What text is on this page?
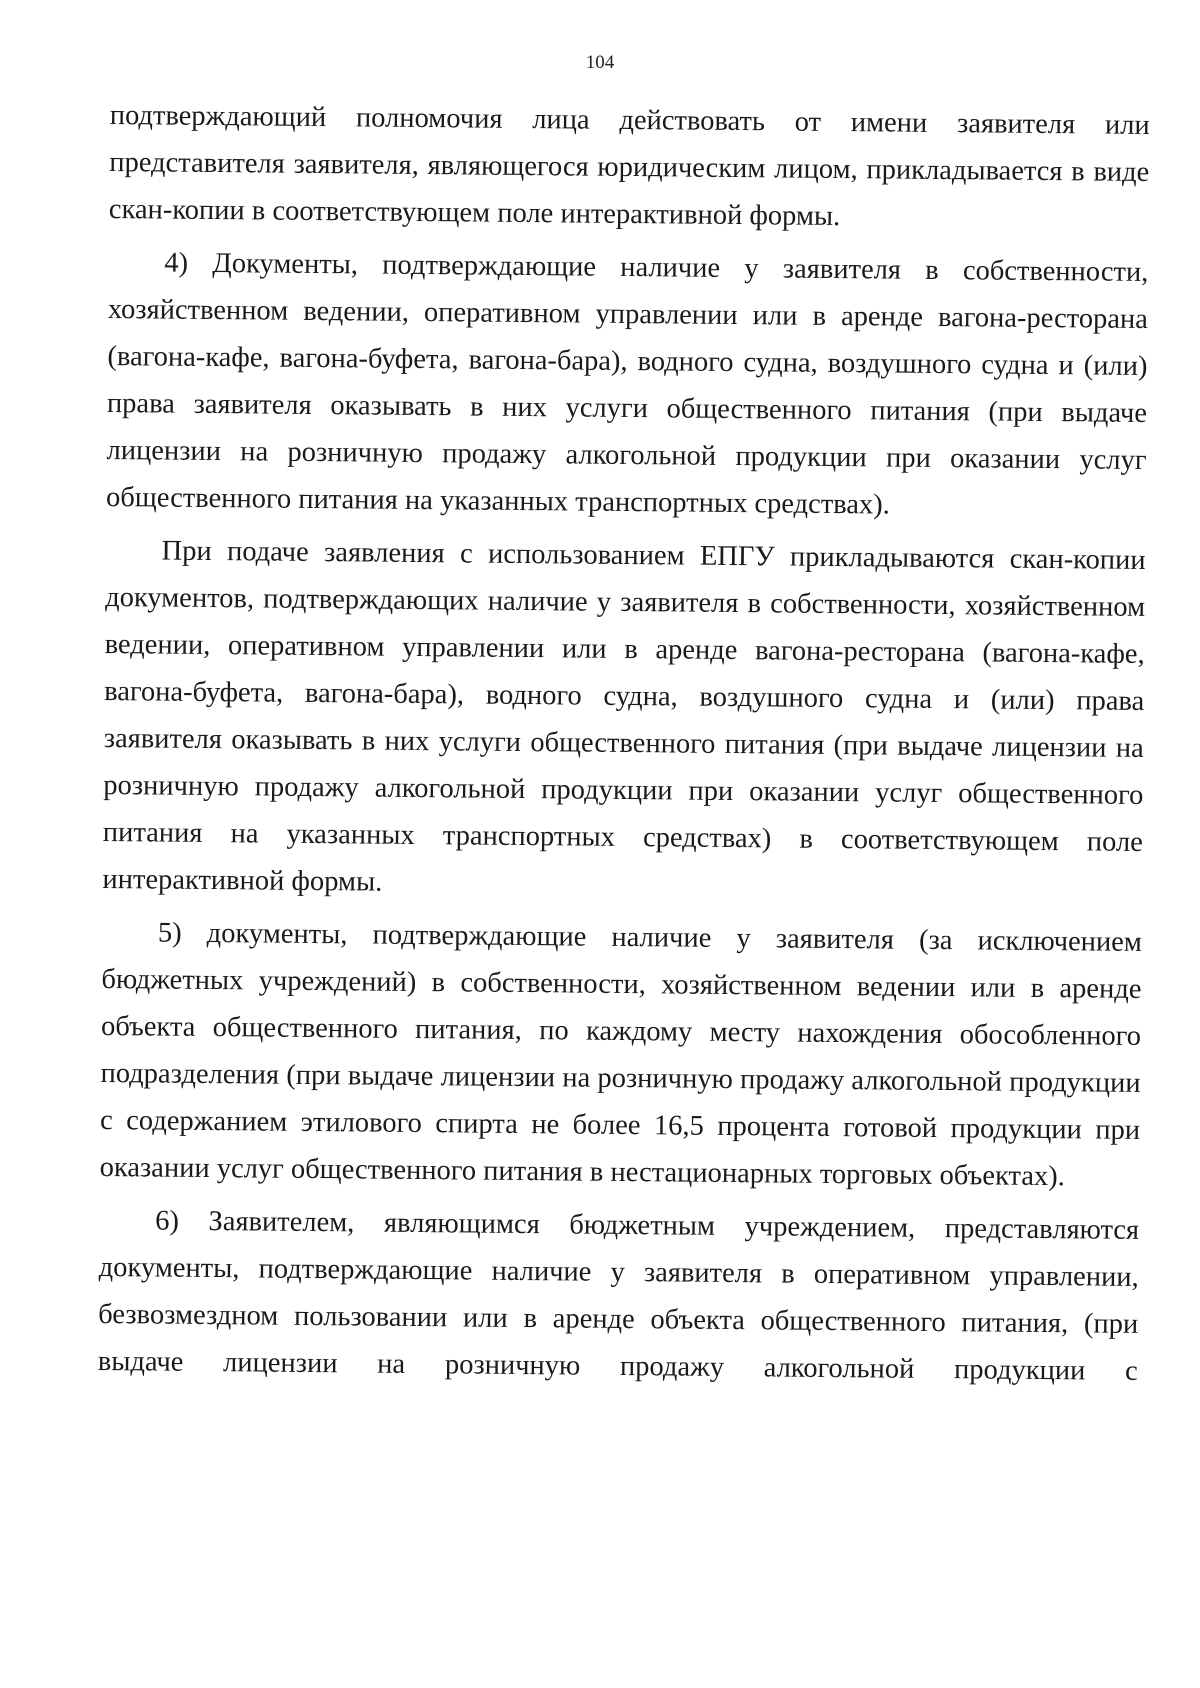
104

подтверждающий полномочия лица действовать от имени заявителя или представителя заявителя, являющегося юридическим лицом, прикладывается в виде скан-копии в соответствующем поле интерактивной формы.

4) Документы, подтверждающие наличие у заявителя в собственности, хозяйственном ведении, оперативном управлении или в аренде вагона-ресторана (вагона-кафе, вагона-буфета, вагона-бара), водного судна, воздушного судна и (или) права заявителя оказывать в них услуги общественного питания (при выдаче лицензии на розничную продажу алкогольной продукции при оказании услуг общественного питания на указанных транспортных средствах).

При подаче заявления с использованием ЕПГУ прикладываются скан-копии документов, подтверждающих наличие у заявителя в собственности, хозяйственном ведении, оперативном управлении или в аренде вагона-ресторана (вагона-кафе, вагона-буфета, вагона-бара), водного судна, воздушного судна и (или) права заявителя оказывать в них услуги общественного питания (при выдаче лицензии на розничную продажу алкогольной продукции при оказании услуг общественного питания на указанных транспортных средствах) в соответствующем поле интерактивной формы.

5) документы, подтверждающие наличие у заявителя (за исключением бюджетных учреждений) в собственности, хозяйственном ведении или в аренде объекта общественного питания, по каждому месту нахождения обособленного подразделения (при выдаче лицензии на розничную продажу алкогольной продукции с содержанием этилового спирта не более 16,5 процента готовой продукции при оказании услуг общественного питания в нестационарных торговых объектах).

6) Заявителем, являющимся бюджетным учреждением, представляются документы, подтверждающие наличие у заявителя в оперативном управлении, безвозмездном пользовании или в аренде объекта общественного питания, (при выдаче лицензии на розничную продажу алкогольной продукции с
